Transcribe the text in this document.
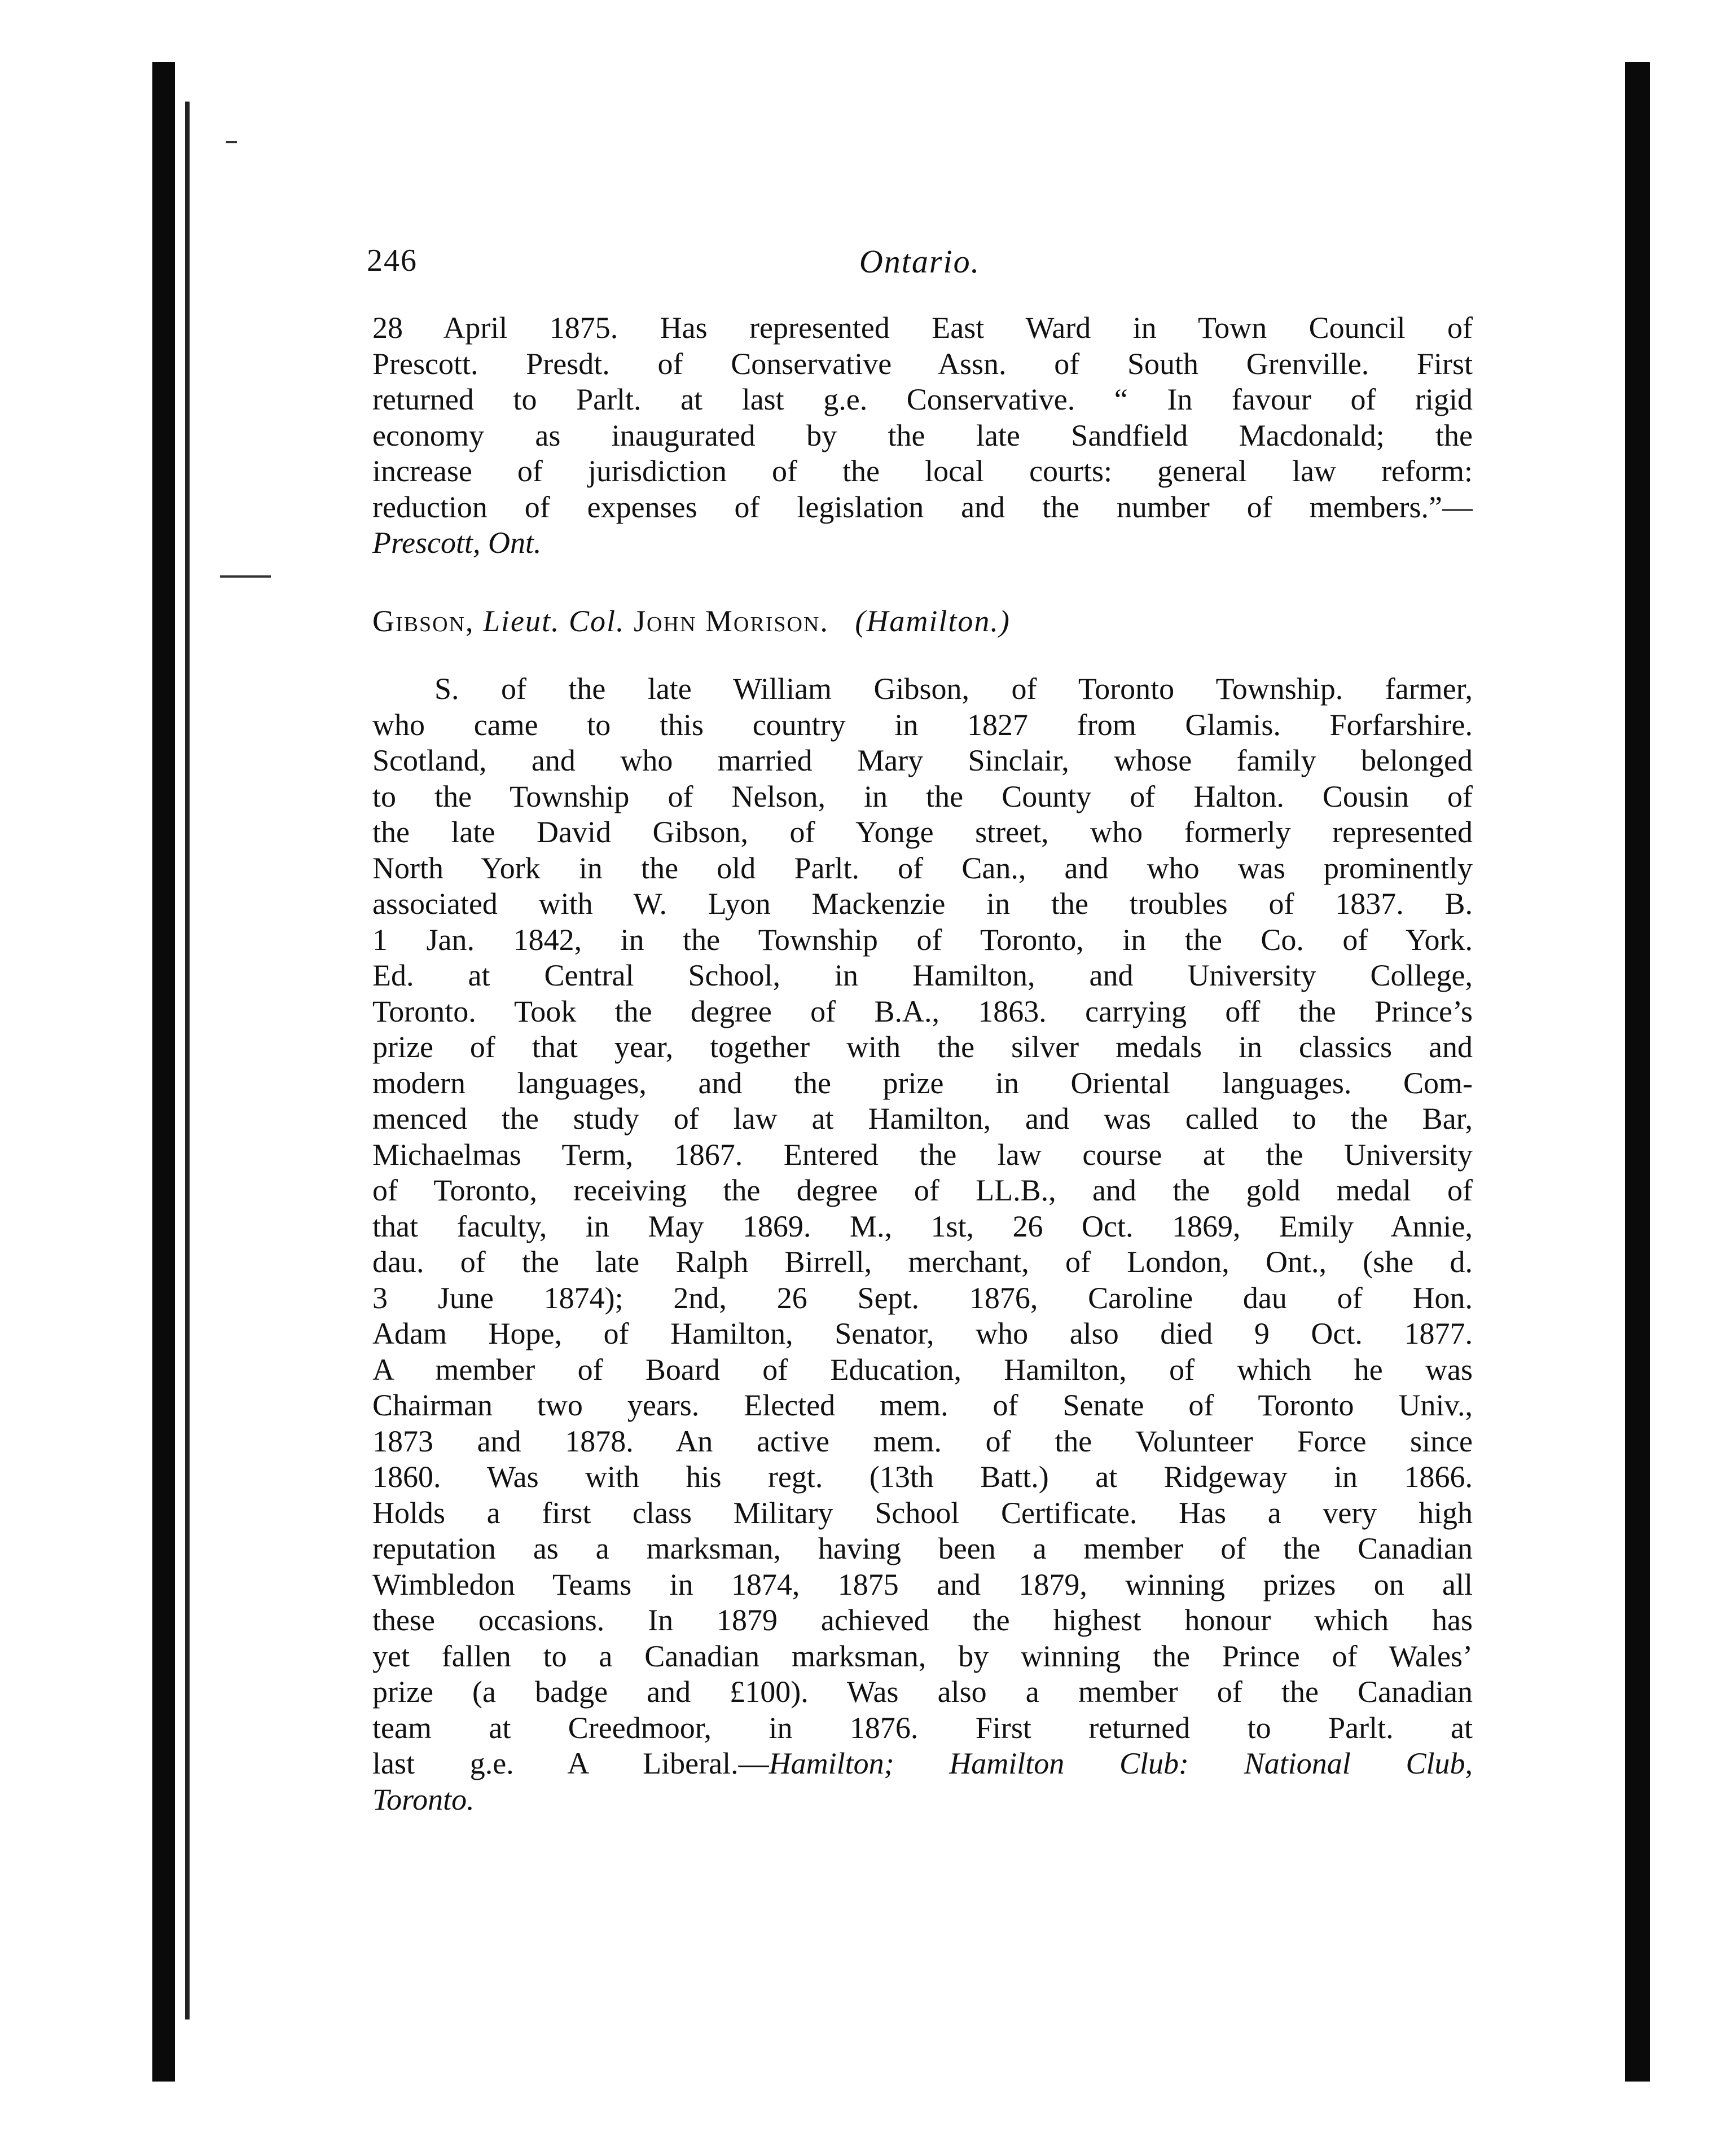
246	Ontario.
28 April 1875. Has represented East Ward in Town Council of
Prescott. Presdt. of Conservative Assn. of South Grenville. First
returned to Parlt. at last g.e. Conservative. “ In favour of rigid
economy as inaugurated by the late Sandfield Macdonald; the
increase of jurisdiction of the local courts: general law reform:
reduction of expenses of legislation and the number of members.”—
Prescott, Ont.
Gibson, Lieut. Col. John Morison. (Hamilton.)
S. of the late William Gibson, of Toronto Township. farmer,
who came to this country in 1827 from Glamis. Forfarshire.
Scotland, and who married Mary Sinclair, whose family belonged
to the Township of Nelson, in the County of Halton. Cousin of
the late David Gibson, of Yonge street, who formerly represented
North York in the old Parlt. of Can., and who was prominently
associated with W. Lyon Mackenzie in the troubles of 1837. B.
1 Jan. 1842, in the Township of Toronto, in the Co. of York.
Ed. at Central School, in Hamilton, and University College,
Toronto. Took the degree of B.A., 1863. carrying off the Prince’s
prize of that year, together with the silver medals in classics and
modern languages, and the prize in Oriental languages. Com-
menced the study of law at Hamilton, and was called to the Bar,
Michaelmas Term, 1867. Entered the law course at the University
of Toronto, receiving the degree of LL.B., and the gold medal of
that faculty, in May 1869. M., 1st, 26 Oct. 1869, Emily Annie,
dau. of the late Ralph Birrell, merchant, of London, Ont., (she d.
3 June 1874); 2nd, 26 Sept. 1876, Caroline dau of Hon.
Adam Hope, of Hamilton, Senator, who also died 9 Oct. 1877.
A member of Board of Education, Hamilton, of which he was
Chairman two years. Elected mem. of Senate of Toronto Univ.,
1873 and 1878. An active mem. of the Volunteer Force since
1860. Was with his regt. (13th Batt.) at Ridgeway in 1866.
Holds a first class Military School Certificate. Has a very high
reputation as a marksman, having been a member of the Canadian
Wimbledon Teams in 1874, 1875 and 1879, winning prizes on all
these occasions. In 1879 achieved the highest honour which has
yet fallen to a Canadian marksman, by winning the Prince of Wales’
prize (a badge and £100). Was also a member of the Canadian
team at Creedmoor, in 1876. First returned to Parlt. at
last g.e. A Liberal.—Hamilton; Hamilton Club: National Club,
Toronto.
